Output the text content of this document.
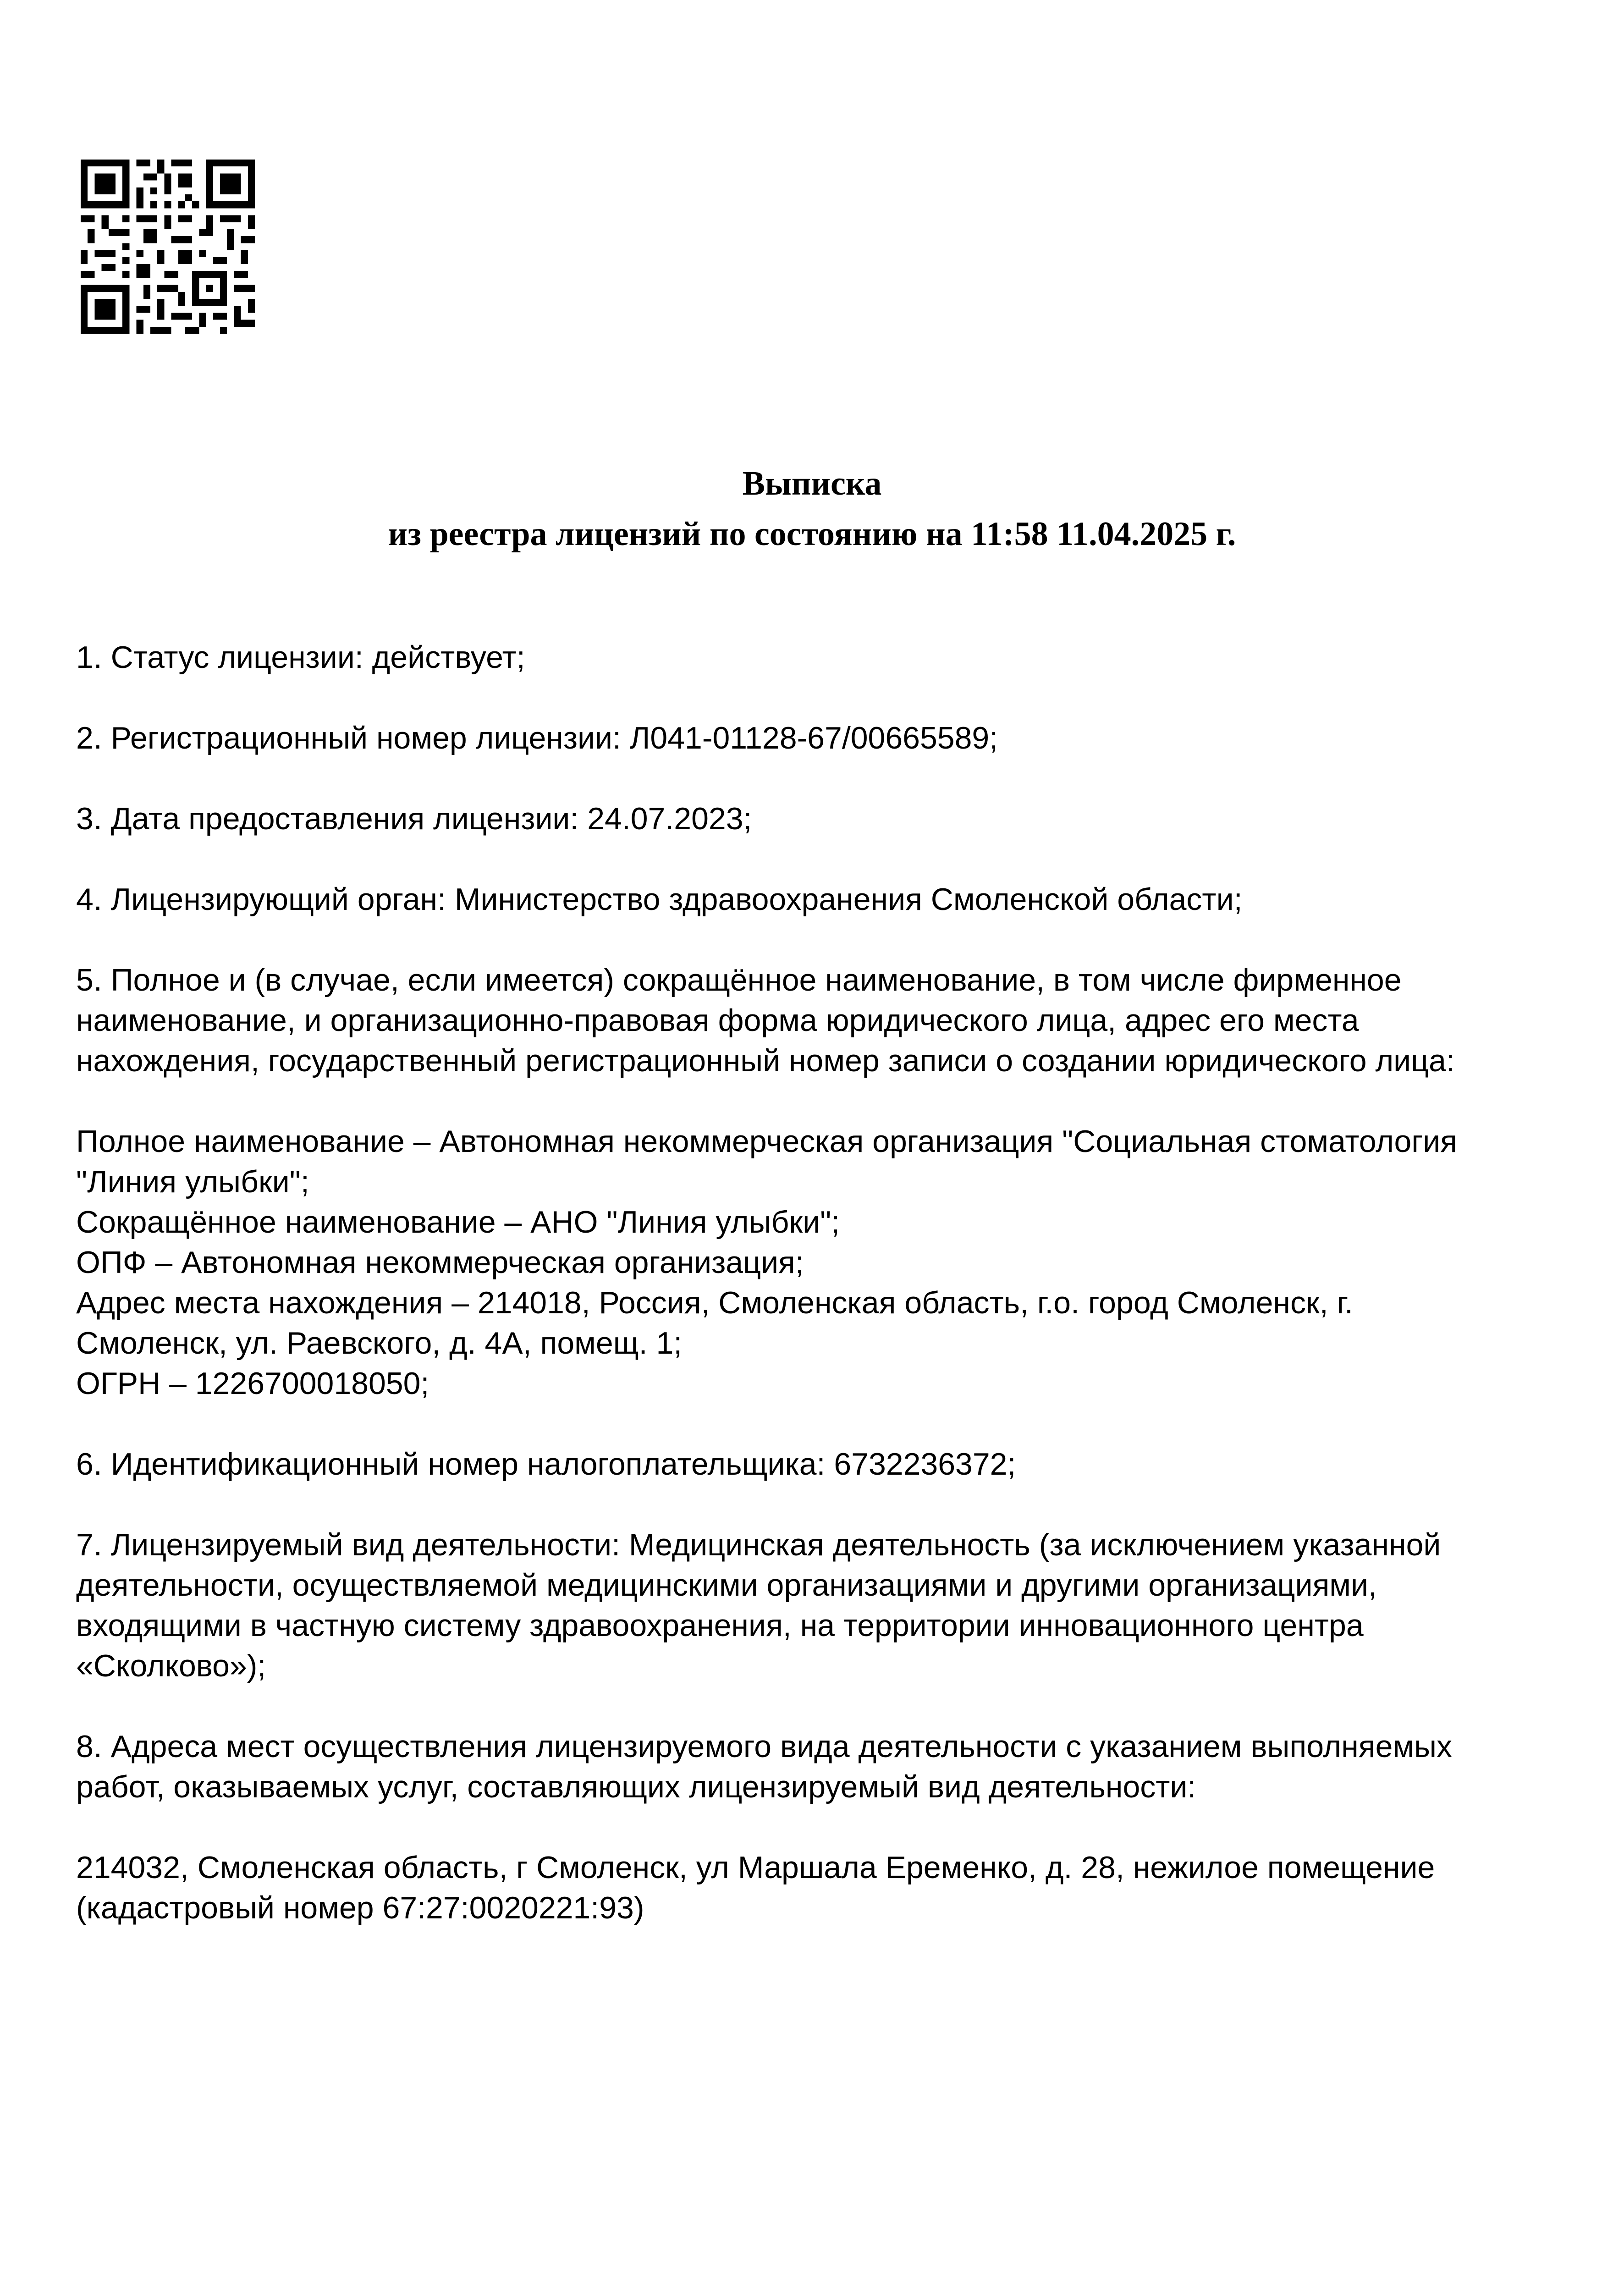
Выписка
из реестра лицензий по состоянию на 11:58 11.04.2025 г.

1. Статус лицензии: действует;

2. Регистрационный номер лицензии: Л041-01128-67/00665589;

3. Дата предоставления лицензии: 24.07.2023;

4. Лицензирующий орган: Министерство здравоохранения Смоленской области;

5. Полное и (в случае, если имеется) сокращённое наименование, в том числе фирменное
наименование, и организационно-правовая форма юридического лица, адрес его места
нахождения, государственный регистрационный номер записи о создании юридического лица:

Полное наименование – Автономная некоммерческая организация "Социальная стоматология
"Линия улыбки";
Сокращённое наименование – АНО "Линия улыбки";
ОПФ – Автономная некоммерческая организация;
Адрес места нахождения – 214018, Россия, Смоленская область, г.о. город Смоленск, г.
Смоленск, ул. Раевского, д. 4А, помещ. 1;
ОГРН – 1226700018050;

6. Идентификационный номер налогоплательщика: 6732236372;

7. Лицензируемый вид деятельности: Медицинская деятельность (за исключением указанной
деятельности, осуществляемой медицинскими организациями и другими организациями,
входящими в частную систему здравоохранения, на территории инновационного центра
«Сколково»);

8. Адреса мест осуществления лицензируемого вида деятельности с указанием выполняемых
работ, оказываемых услуг, составляющих лицензируемый вид деятельности:

214032, Смоленская область, г Смоленск, ул Маршала Еременко, д. 28, нежилое помещение
(кадастровый номер 67:27:0020221:93)
